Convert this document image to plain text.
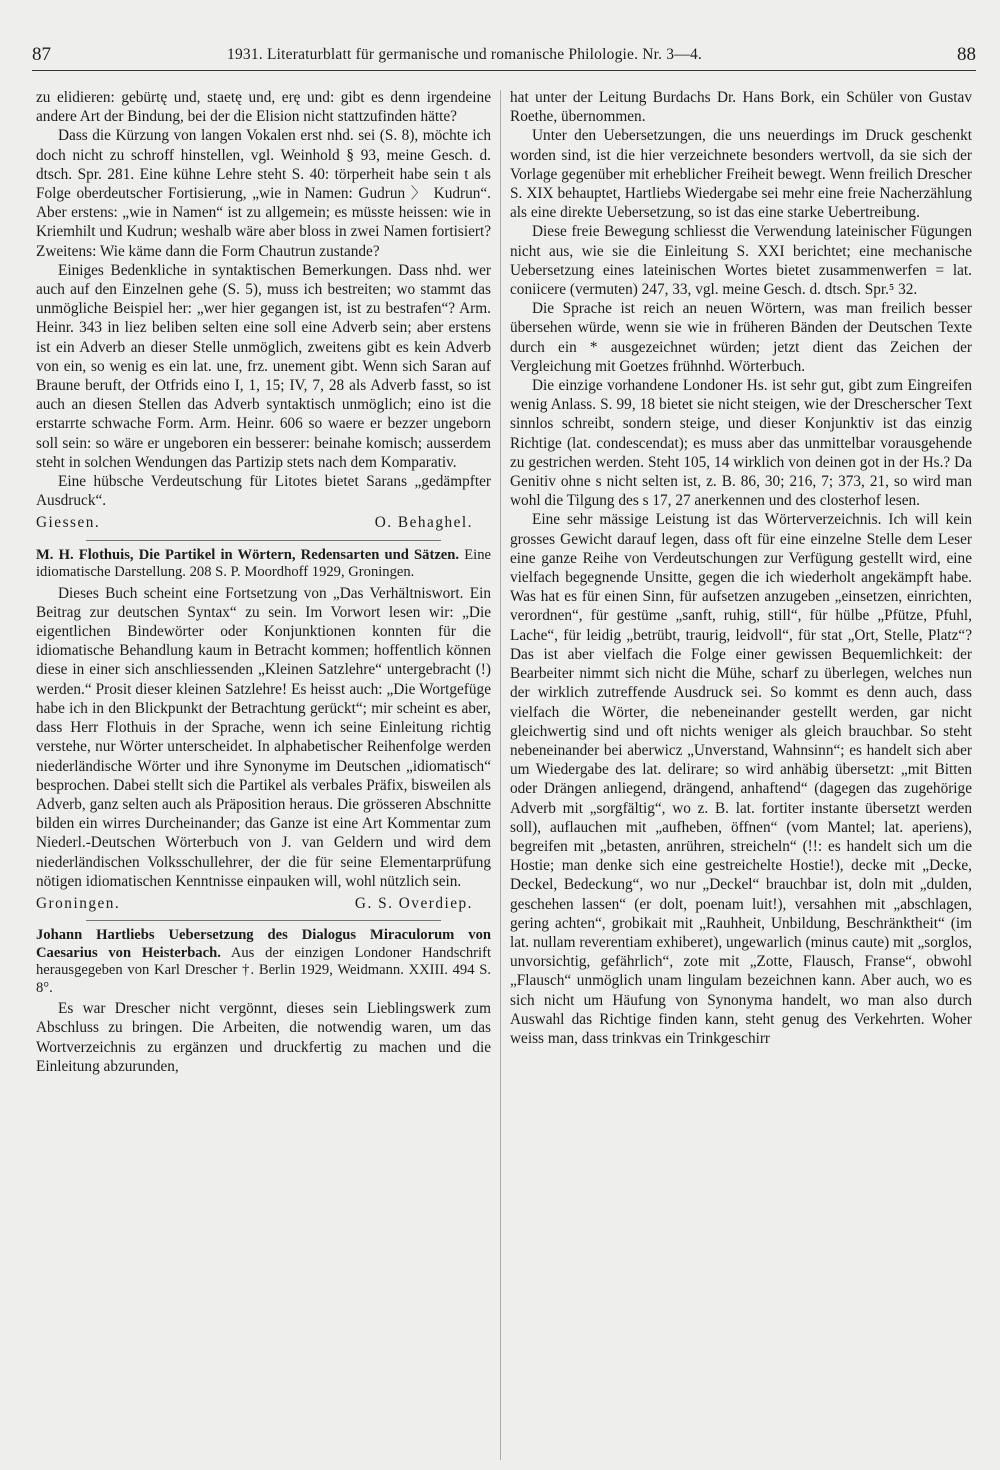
87	1931. Literaturblatt für germanische und romanische Philologie. Nr. 3—4.	88

zu elidieren: gebürtę und, staetę und, erę und: gibt es denn irgendeine andere Art der Bindung, bei der die Elision nicht stattzufinden hätte?

Dass die Kürzung von langen Vokalen erst nhd. sei (S. 8), möchte ich doch nicht zu schroff hinstellen, vgl. Weinhold § 93, meine Gesch. d. dtsch. Spr. 281. Eine kühne Lehre steht S. 40: törperheit habe sein t als Folge oberdeutscher Fortisierung, „wie in Namen: Gudrun 〉 Kudrun“. Aber erstens: „wie in Namen“ ist zu allgemein; es müsste heissen: wie in Kriemhilt und Kudrun; weshalb wäre aber bloss in zwei Namen fortisiert? Zweitens: Wie käme dann die Form Chautrun zustande?

Einiges Bedenkliche in syntaktischen Bemerkungen. Dass nhd. wer auch auf den Einzelnen gehe (S. 5), muss ich bestreiten; wo stammt das unmögliche Beispiel her: „wer hier gegangen ist, ist zu bestrafen“? Arm. Heinr. 343 in liez beliben selten eine soll eine Adverb sein; aber erstens ist ein Adverb an dieser Stelle unmöglich, zweitens gibt es kein Adverb von ein, so wenig es ein lat. une, frz. unement gibt. Wenn sich Saran auf Braune beruft, der Otfrids eino I, 1, 15; IV, 7, 28 als Adverb fasst, so ist auch an diesen Stellen das Adverb syntaktisch unmöglich; eino ist die erstarrte schwache Form. Arm. Heinr. 606 so waere er bezzer ungeborn soll sein: so wäre er ungeboren ein besserer: beinahe komisch; ausserdem steht in solchen Wendungen das Partizip stets nach dem Komparativ.

Eine hübsche Verdeutschung für Litotes bietet Sarans „gedämpfter Ausdruck“.

Giessen.	O. Behaghel.
M. H. Flothuis, Die Partikel in Wörtern, Redensarten und Sätzen. Eine idiomatische Darstellung. 208 S. P. Moordhoff 1929, Groningen.

Dieses Buch scheint eine Fortsetzung von „Das Verhältniswort. Ein Beitrag zur deutschen Syntax“ zu sein. Im Vorwort lesen wir: „Die eigentlichen Bindewörter oder Konjunktionen konnten für die idiomatische Behandlung kaum in Betracht kommen; hoffentlich können diese in einer sich anschliessenden „Kleinen Satzlehre“ untergebracht (!) werden.“ Prosit dieser kleinen Satzlehre! Es heisst auch: „Die Wortgefüge habe ich in den Blickpunkt der Betrachtung gerückt“; mir scheint es aber, dass Herr Flothuis in der Sprache, wenn ich seine Einleitung richtig verstehe, nur Wörter unterscheidet. In alphabetischer Reihenfolge werden niederländische Wörter und ihre Synonyme im Deutschen „idiomatisch“ besprochen. Dabei stellt sich die Partikel als verbales Präfix, bisweilen als Adverb, ganz selten auch als Präposition heraus. Die grösseren Abschnitte bilden ein wirres Durcheinander; das Ganze ist eine Art Kommentar zum Niederl.-Deutschen Wörterbuch von J. van Geldern und wird dem niederländischen Volksschullehrer, der die für seine Elementarprüfung nötigen idiomatischen Kenntnisse einpauken will, wohl nützlich sein.

Groningen.	G. S. Overdiep.
Johann Hartliebs Uebersetzung des Dialogus Miraculorum von Caesarius von Heisterbach. Aus der einzigen Londoner Handschrift herausgegeben von Karl Drescher †. Berlin 1929, Weidmann. XXIII. 494 S. 8°.

Es war Drescher nicht vergönnt, dieses sein Lieblingswerk zum Abschluss zu bringen. Die Arbeiten, die notwendig waren, um das Wortverzeichnis zu ergänzen und druckfertig zu machen und die Einleitung abzurunden,

hat unter der Leitung Burdachs Dr. Hans Bork, ein Schüler von Gustav Roethe, übernommen.

Unter den Uebersetzungen, die uns neuerdings im Druck geschenkt worden sind, ist die hier verzeichnete besonders wertvoll, da sie sich der Vorlage gegenüber mit erheblicher Freiheit bewegt. Wenn freilich Drescher S. XIX behauptet, Hartliebs Wiedergabe sei mehr eine freie Nacherzählung als eine direkte Uebersetzung, so ist das eine starke Uebertreibung.

Diese freie Bewegung schliesst die Verwendung lateinischer Fügungen nicht aus, wie sie die Einleitung S. XXI berichtet; eine mechanische Uebersetzung eines lateinischen Wortes bietet zusammenwerfen = lat. coniicere (vermuten) 247, 33, vgl. meine Gesch. d. dtsch. Spr.⁵ 32.

Die Sprache ist reich an neuen Wörtern, was man freilich besser übersehen würde, wenn sie wie in früheren Bänden der Deutschen Texte durch ein * ausgezeichnet würden; jetzt dient das Zeichen der Vergleichung mit Goetzes frühnhd. Wörterbuch.

Die einzige vorhandene Londoner Hs. ist sehr gut, gibt zum Eingreifen wenig Anlass. S. 99, 18 bietet sie nicht steigen, wie der Drescherscher Text sinnlos schreibt, sondern steige, und dieser Konjunktiv ist das einzig Richtige (lat. condescendat); es muss aber das unmittelbar vorausgehende zu gestrichen werden. Steht 105, 14 wirklich von deinen got in der Hs.? Da Genitiv ohne s nicht selten ist, z. B. 86, 30; 216, 7; 373, 21, so wird man wohl die Tilgung des s 17, 27 anerkennen und des closterhof lesen.

Eine sehr mässige Leistung ist das Wörterverzeichnis. Ich will kein grosses Gewicht darauf legen, dass oft für eine einzelne Stelle dem Leser eine ganze Reihe von Verdeutschungen zur Verfügung gestellt wird, eine vielfach begegnende Unsitte, gegen die ich wiederholt angekämpft habe. Was hat es für einen Sinn, für aufsetzen anzugeben „einsetzen, einrichten, verordnen“, für gestüme „sanft, ruhig, still“, für hülbe „Pfütze, Pfuhl, Lache“, für leidig „betrübt, traurig, leidvoll“, für stat „Ort, Stelle, Platz“? Das ist aber vielfach die Folge einer gewissen Bequemlichkeit: der Bearbeiter nimmt sich nicht die Mühe, scharf zu überlegen, welches nun der wirklich zutreffende Ausdruck sei. So kommt es denn auch, dass vielfach die Wörter, die nebeneinander gestellt werden, gar nicht gleichwertig sind und oft nichts weniger als gleich brauchbar. So steht nebeneinander bei aberwicz „Unverstand, Wahnsinn“; es handelt sich aber um Wiedergabe des lat. delirare; so wird anhäbig übersetzt: „mit Bitten oder Drängen anliegend, drängend, anhaftend“ (dagegen das zugehörige Adverb mit „sorgfältig“, wo z. B. lat. fortiter instante übersetzt werden soll), auflauchen mit „aufheben, öffnen“ (vom Mantel; lat. aperiens), begreifen mit „betasten, anrühren, streicheln“ (!!: es handelt sich um die Hostie; man denke sich eine gestreichelte Hostie!), decke mit „Decke, Deckel, Bedeckung“, wo nur „Deckel“ brauchbar ist, doln mit „dulden, geschehen lassen“ (er dolt, poenam luit!), versahhen mit „abschlagen, gering achten“, grobikait mit „Rauhheit, Unbildung, Beschränktheit“ (im lat. nullam reverentiam exhiberet), ungewarlich (minus caute) mit „sorglos, unvorsichtig, gefährlich“, zote mit „Zotte, Flausch, Franse“, obwohl „Flausch“ unmöglich unam lingulam bezeichnen kann. Aber auch, wo es sich nicht um Häufung von Synonyma handelt, wo man also durch Auswahl das Richtige finden kann, steht genug des Verkehrten. Woher weiss man, dass trinkvas ein Trinkgeschirr
